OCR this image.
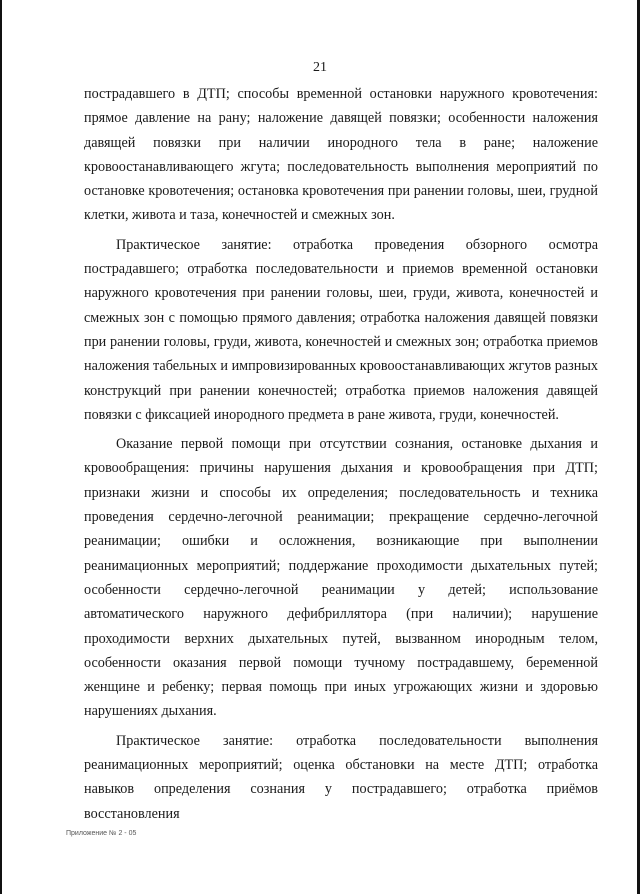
21

пострадавшего в ДТП; способы временной остановки наружного кровотечения: прямое давление на рану; наложение давящей повязки; особенности наложения давящей повязки при наличии инородного тела в ране; наложение кровоостанавливающего жгута; последовательность выполнения мероприятий по остановке кровотечения; остановка кровотечения при ранении головы, шеи, грудной клетки, живота и таза, конечностей и смежных зон.

Практическое занятие: отработка проведения обзорного осмотра пострадавшего; отработка последовательности и приемов временной остановки наружного кровотечения при ранении головы, шеи, груди, живота, конечностей и смежных зон с помощью прямого давления; отработка наложения давящей повязки при ранении головы, груди, живота, конечностей и смежных зон; отработка приемов наложения табельных и импровизированных кровоостанавливающих жгутов разных конструкций при ранении конечностей; отработка приемов наложения давящей повязки с фиксацией инородного предмета в ране живота, груди, конечностей.

Оказание первой помощи при отсутствии сознания, остановке дыхания и кровообращения: причины нарушения дыхания и кровообращения при ДТП; признаки жизни и способы их определения; последовательность и техника проведения сердечно-легочной реанимации; прекращение сердечно-легочной реанимации; ошибки и осложнения, возникающие при выполнении реанимационных мероприятий; поддержание проходимости дыхательных путей; особенности сердечно-легочной реанимации у детей; использование автоматического наружного дефибриллятора (при наличии); нарушение проходимости верхних дыхательных путей, вызванном инородным телом, особенности оказания первой помощи тучному пострадавшему, беременной женщине и ребенку; первая помощь при иных угрожающих жизни и здоровью нарушениях дыхания.

Практическое занятие: отработка последовательности выполнения реанимационных мероприятий; оценка обстановки на месте ДТП; отработка навыков определения сознания у пострадавшего; отработка приёмов восстановления

Приложение № 2 - 05
